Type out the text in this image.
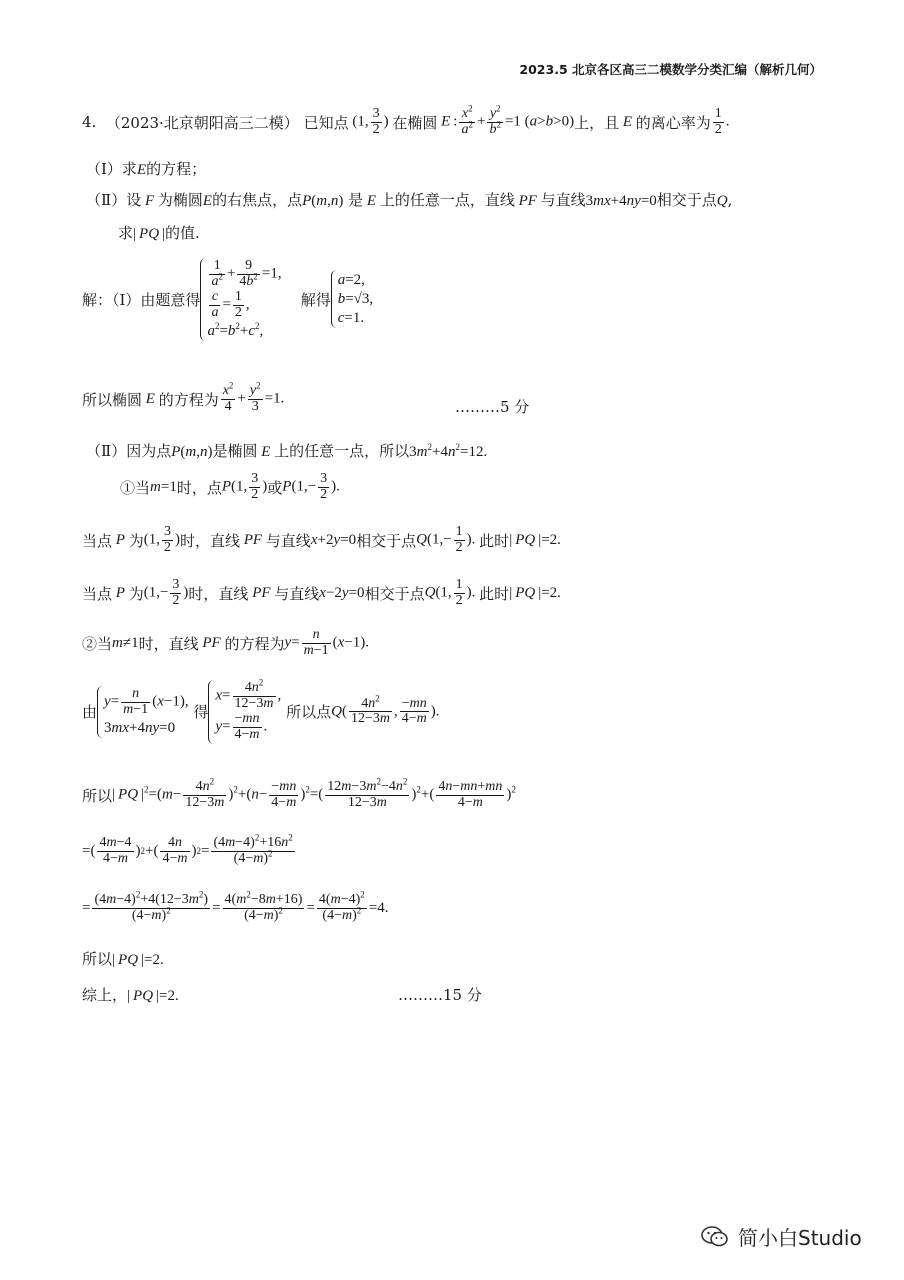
2023.5 北京各区高三二模数学分类汇编（解析几何）
4.
（2023·北京朝阳高三二模）
已知点 (1, $\frac{3}{2}$ ) 在椭圆 E : $\frac{x^2}{a^2} + \frac{y^2}{b^2} =1$ (a>b>0) 上，且 E 的离心率为 $\frac{1}{2}$ .
（Ⅰ）求E的方程；
（Ⅱ）设 F 为椭圆E的右焦点，点P(m,n) 是 E 上的任意一点，直线 PF 与直线3mx+4ny=0相交于点Q,
求| PQ |的值.
解：（Ⅰ）由题意得
$\frac{1}{a^2} + \frac{9}{4b^2} =1$,
$\frac{c}{a} = \frac{1}{2}$ ,
$a^2=b^2+c^2$,

解得
a=2,
b=√3,
c=1.
所以椭圆 E 的方程为 $\frac{x^2}{4} + \frac{y^2}{3} =1$.	………5 分
（Ⅱ）因为点P(m,n)是椭圆 E 上的任意一点，所以$3m^2+4n^2=12$.
①当 m=1 时，点 P(1, $\frac{3}{2}$ ) 或 $P(1,- \frac{3}{2}$ ).
当点 P 为 (1, $\frac{3}{2}$ ) 时，直线 PF 与直线 x+2y=0 相交于点 $Q(1,- \frac{1}{2}$ ). 此时 | PQ |=2.
当点 P 为 ($1,- \frac{3}{2}$ ) 时，直线 PF 与直线 x−2y=0 相交于点 Q(1, $\frac{1}{2}$ ). 此时 | PQ |=2.
②当 m≠1 时，直线 PF 的方程为 $y= \frac{n}{m-1} (x-1)$.
由
$y= \frac{n}{m-1} (x-1)$,
3mx+4ny=0

得
$x= \frac{4n^2}{12-3m}$ ,
$y= \frac{-mn}{4-m}$ .

所以点 $Q( \frac{4n^2}{12-3m}$ , $\frac{-mn}{4-m}$ ).
所以 | PQ $|^2=(m- \frac{4n^2}{12-3m} )^2+(n- \frac{-mn}{4-m} )^2=( \frac{12m-3m^2-4n^2}{12-3m} )^2+( \frac{4n-mn+mn}{4-m} )^2$
=( $\frac{4m-4}{4-m}$ ) 2 +( $\frac{4n}{4-m}$ ) $2 = \frac{(4m-4)^2+16n^2}{(4-m)^2}$
= $\frac{(4m-4)^2+4(12-3m^2)}{(4-m)^2} = \frac{4(m^2-8m+16)}{(4-m)^2} = \frac{4(m-4)^2}{(4-m)^2} =4$.
所以| PQ |=2.
综上，| PQ |=2.	………15 分
简小白Studio
